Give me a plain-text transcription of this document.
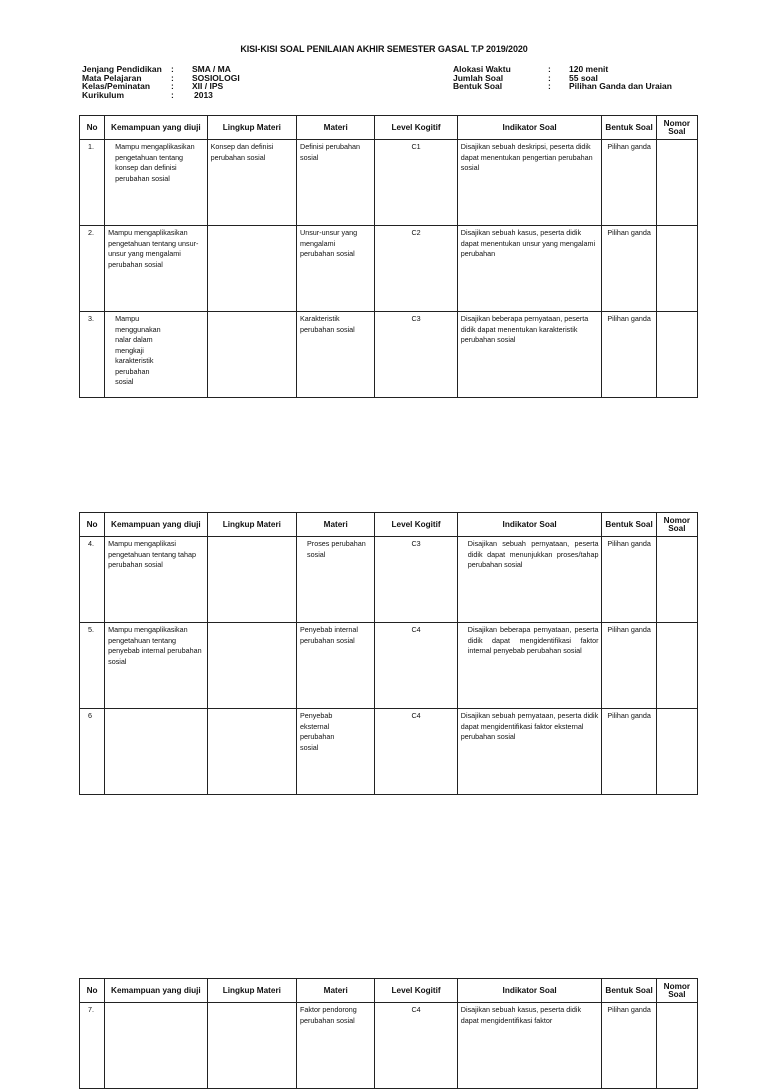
KISI-KISI SOAL PENILAIAN AKHIR SEMESTER GASAL T.P 2019/2020
Jenjang Pendidikan	:	SMA / MA
Mata Pelajaran	:	SOSIOLOGI
Kelas/Peminatan	:	XII / IPS
Kurikulum	:	2013
Alokasi Waktu	:	120 menit
Jumlah Soal	:	55 soal
Bentuk Soal	:	Pilihan Ganda dan Uraian
No	Kemampuan yang diuji	Lingkup Materi	Materi	Level Kogitif	Indikator Soal	Bentuk Soal	Nomor Soal
1.	Mampu mengaplikasikan pengetahuan tentang konsep dan definisi perubahan sosial	Konsep dan definisi perubahan sosial	Definisi perubahan sosial	C1	Disajikan sebuah deskripsi, peserta didik dapat menentukan pengertian perubahan sosial	Pilihan ganda	
2.	Mampu mengaplikasikan pengetahuan tentang unsur-unsur yang mengalami perubahan sosial		Unsur-unsur yang mengalami perubahan sosial	C2	Disajikan sebuah kasus, peserta didik dapat menentukan unsur yang mengalami perubahan	Pilihan ganda	
3.	Mampu menggunakan nalar dalam mengkaji karakteristik perubahan sosial		Karakteristik perubahan sosial	C3	Disajikan beberapa pernyataan, peserta didik dapat menentukan karakteristik perubahan sosial	Pilihan ganda	
No	Kemampuan yang diuji	Lingkup Materi	Materi	Level Kogitif	Indikator Soal	Bentuk Soal	Nomor Soal
4.	Mampu mengaplikasi pengetahuan tentang tahap perubahan sosial		Proses perubahan sosial	C3	Disajikan sebuah pernyataan, peserta didik dapat menunjukkan proses/tahap perubahan sosial	Pilihan ganda	
5.	Mampu mengaplikasikan pengetahuan tentang penyebab internal perubahan sosial		Penyebab internal perubahan sosial	C4	Disajikan beberapa pernyataan, peserta didik dapat mengidentifikasi faktor internal penyebab perubahan sosial	Pilihan ganda	
6			Penyebab eksternal perubahan sosial	C4	Disajikan sebuah pernyataan, peserta didik dapat mengidentifikasi faktor eksternal perubahan sosial	Pilihan ganda	
No	Kemampuan yang diuji	Lingkup Materi	Materi	Level Kogitif	Indikator Soal	Bentuk Soal	Nomor Soal
7.			Faktor pendorong perubahan sosial	C4	Disajikan sebuah kasus, peserta didik dapat mengidentifikasi faktor	Pilihan ganda	
